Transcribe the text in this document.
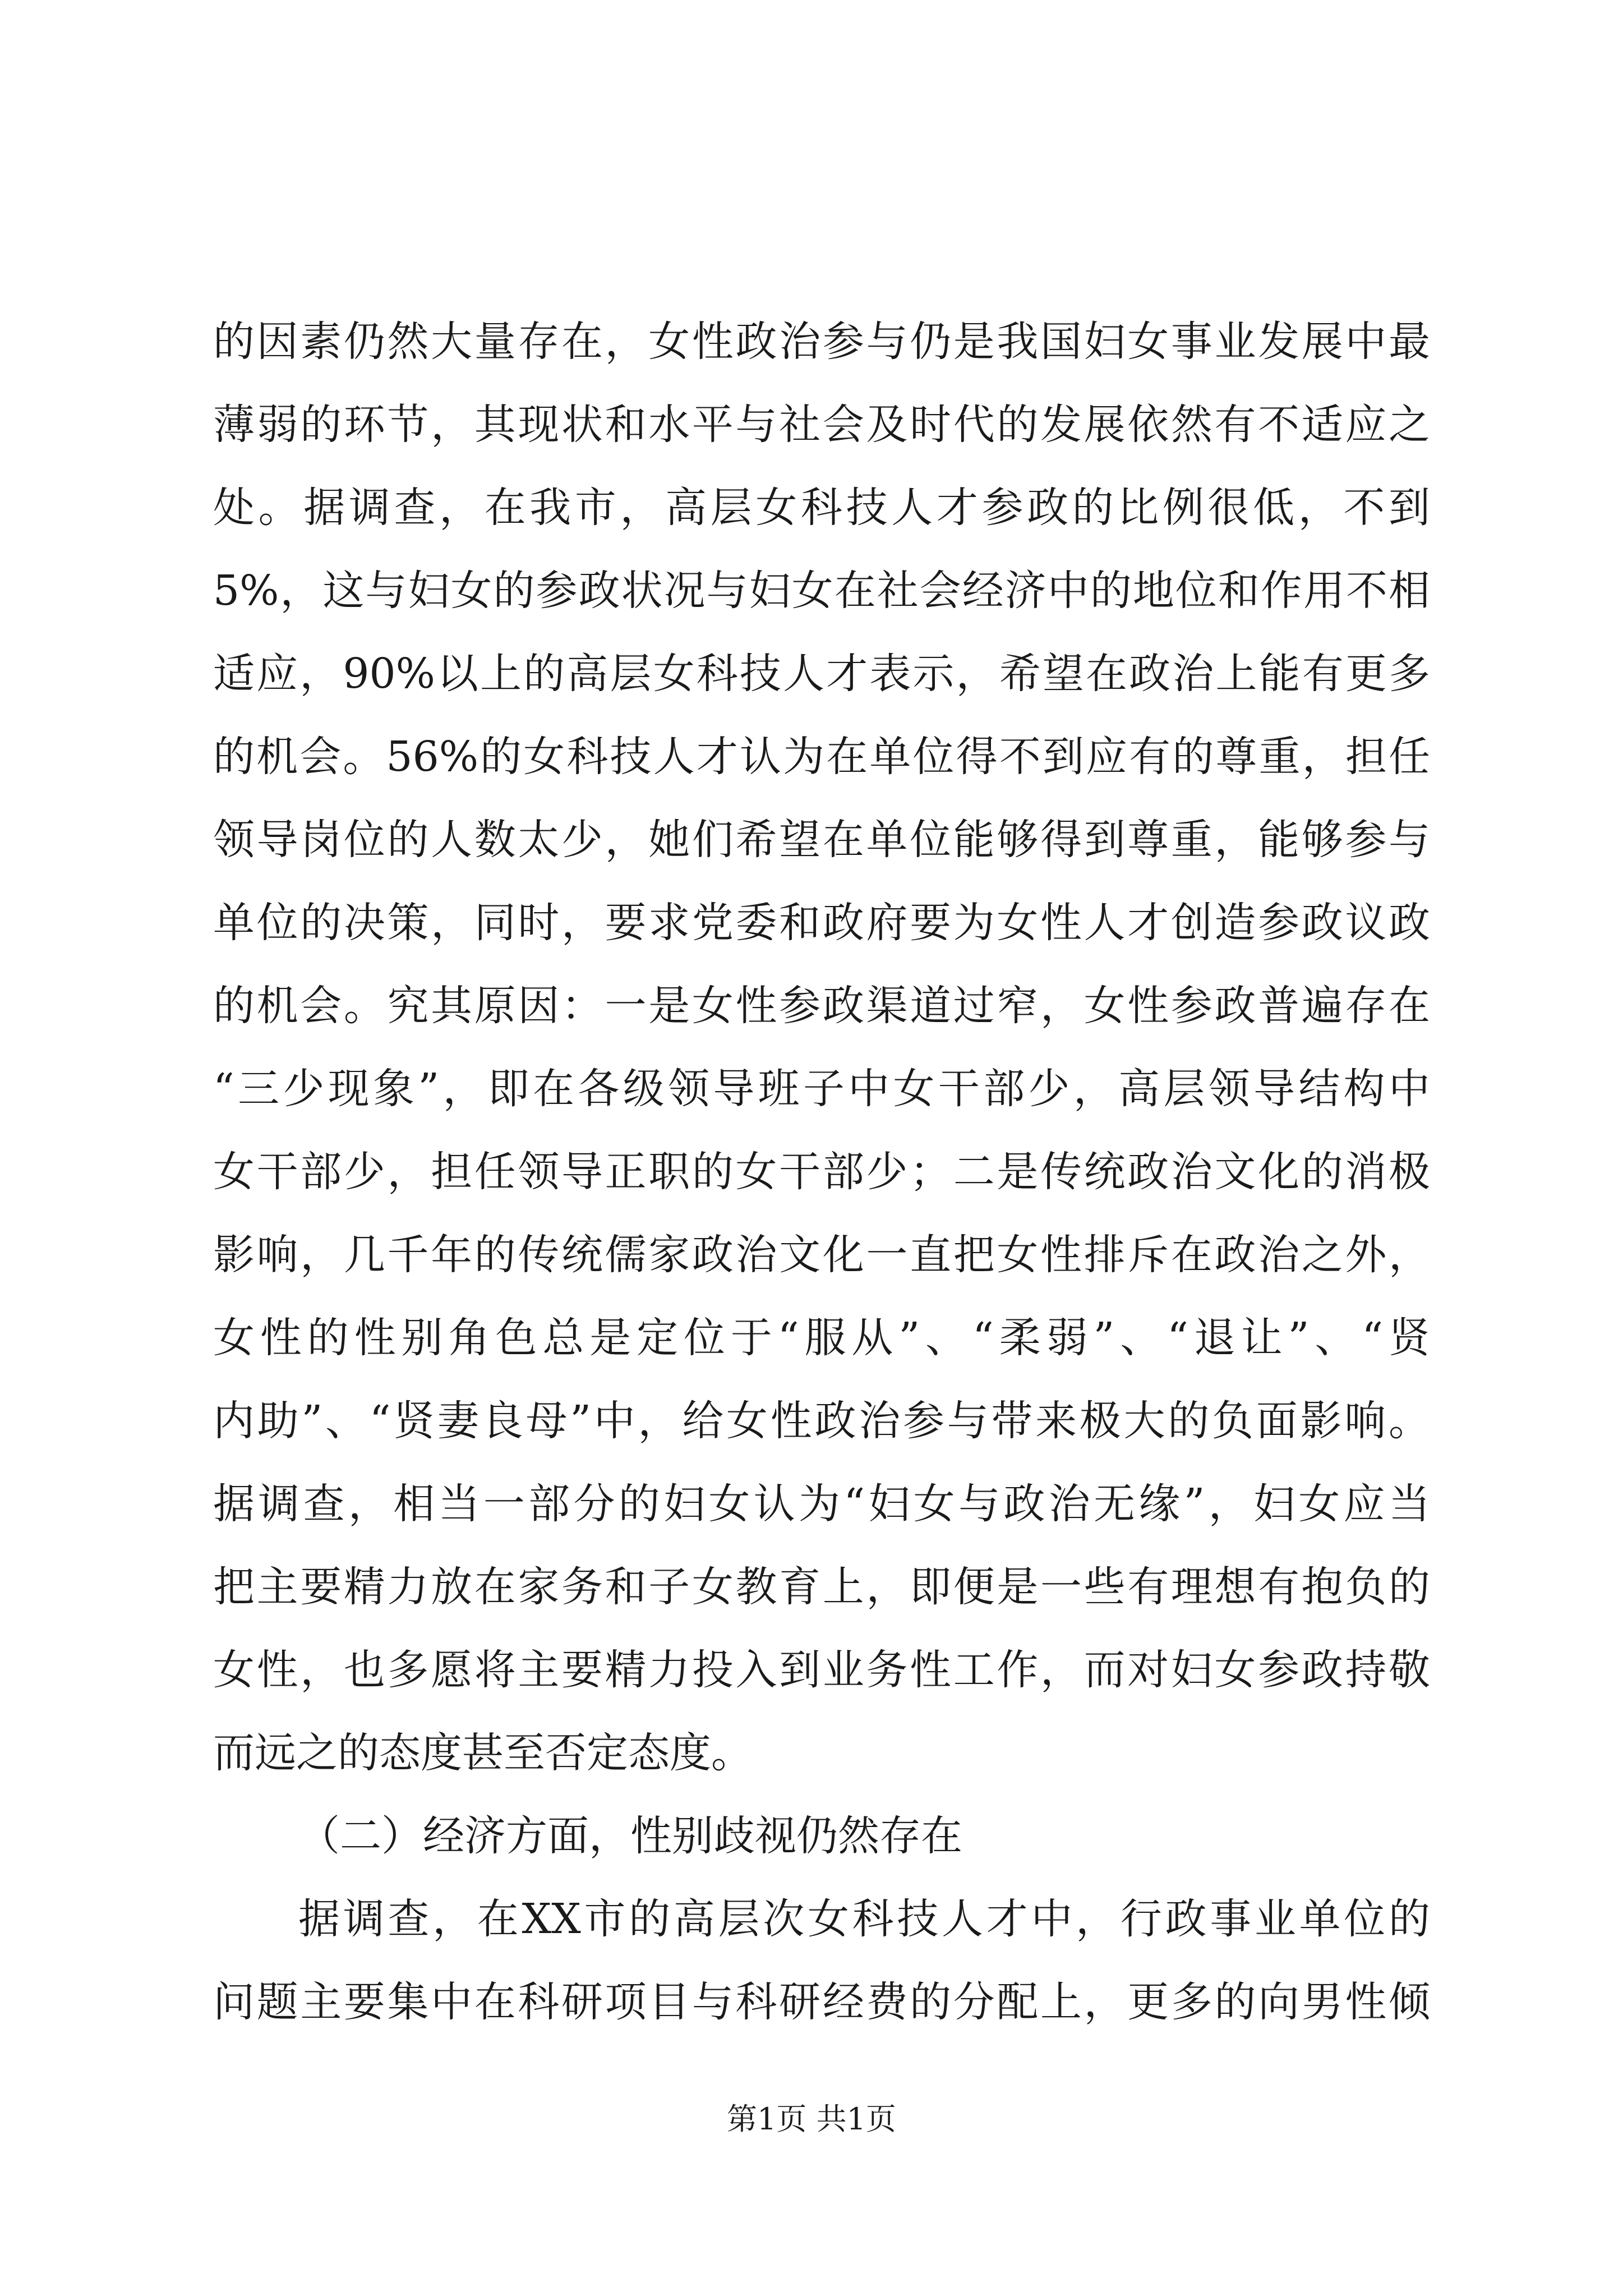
的因素仍然大量存在，女性政治参与仍是我国妇女事业发展中最
薄弱的环节，其现状和水平与社会及时代的发展依然有不适应之
处。据调查，在我市，高层女科技人才参政的比例很低，不到
5%，这与妇女的参政状况与妇女在社会经济中的地位和作用不相
适应，90%以上的高层女科技人才表示，希望在政治上能有更多
的机会。56%的女科技人才认为在单位得不到应有的尊重，担任
领导岗位的人数太少，她们希望在单位能够得到尊重，能够参与
单位的决策，同时，要求党委和政府要为女性人才创造参政议政
的机会。究其原因：一是女性参政渠道过窄，女性参政普遍存在
“三少现象”，即在各级领导班子中女干部少，高层领导结构中
女干部少，担任领导正职的女干部少；二是传统政治文化的消极
影响，几千年的传统儒家政治文化一直把女性排斥在政治之外，
女性的性别角色总是定位于“服从”、“柔弱”、“退让”、“贤
内助”、“贤妻良母”中，给女性政治参与带来极大的负面影响。
据调查，相当一部分的妇女认为“妇女与政治无缘”，妇女应当
把主要精力放在家务和子女教育上，即便是一些有理想有抱负的
女性，也多愿将主要精力投入到业务性工作，而对妇女参政持敬
而远之的态度甚至否定态度。
（二）经济方面，性别歧视仍然存在
据调查，在XX市的高层次女科技人才中，行政事业单位的
问题主要集中在科研项目与科研经费的分配上，更多的向男性倾
第1页 共1页
